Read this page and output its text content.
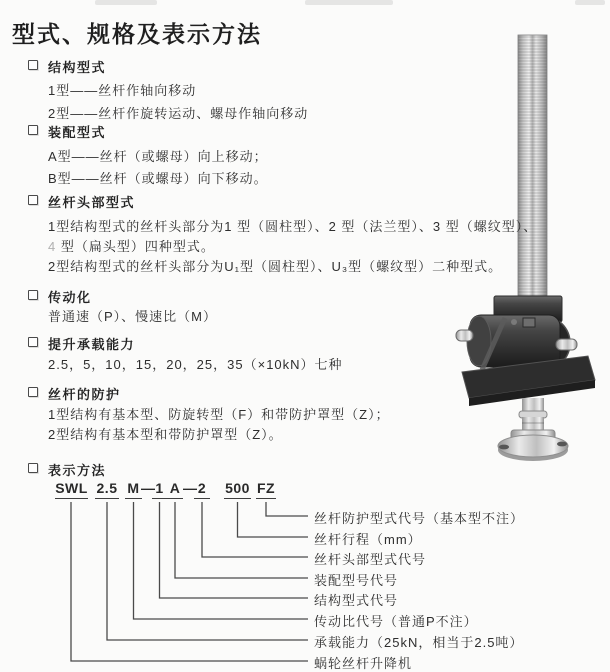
型式、规格及表示方法
结构型式
1型——丝杆作轴向移动
2型——丝杆作旋转运动、螺母作轴向移动
装配型式
A型——丝杆（或螺母）向上移动；
B型——丝杆（或螺母）向下移动。
丝杆头部型式
1型结构型式的丝杆头部分为1 型（圆柱型）、2 型（法兰型）、3 型（螺纹型）、
4 型（扁头型）四种型式。
2型结构型式的丝杆头部分为U₁型（圆柱型）、U₃型（螺纹型）二种型式。
传动化
普通速（P）、慢速比（M）
提升承载能力
2.5，5，10，15，20，25，35（×10kN）七种
丝杆的防护
1型结构有基本型、防旋转型（F）和带防护罩型（Z）；
2型结构有基本型和带防护罩型（Z）。
表示方法
SWL 2.5 M — 1 A — 2 500 FZ
丝杆防护型式代号（基本型不注）
丝杆行程（mm）
丝杆头部型式代号
装配型号代号
结构型式代号
传动比代号（普通P不注）
承载能力（25kN，相当于2.5吨）
蜗轮丝杆升降机
